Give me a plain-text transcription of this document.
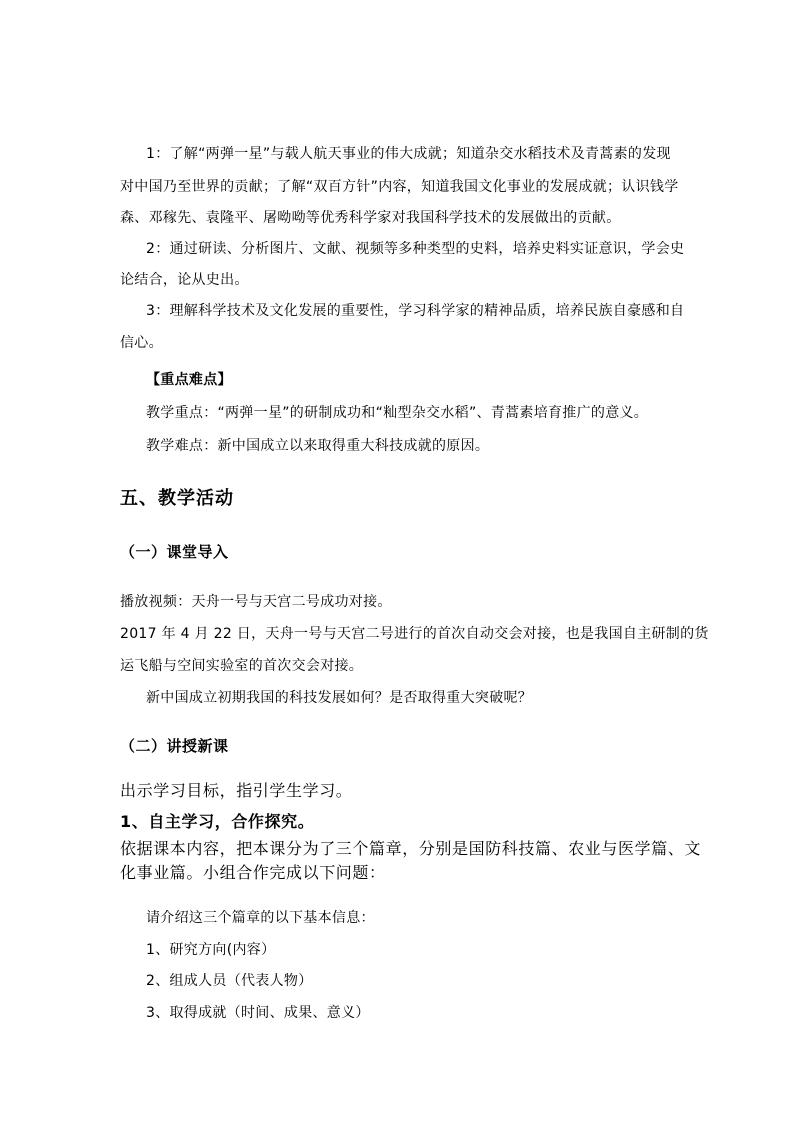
1：了解“两弹一星”与载人航天事业的伟大成就；知道杂交水稻技术及青蒿素的发现
对中国乃至世界的贡献；了解“双百方针”内容，知道我国文化事业的发展成就；认识钱学
森、邓稼先、袁隆平、屠呦呦等优秀科学家对我国科学技术的发展做出的贡献。
2：通过研读、分析图片、文献、视频等多种类型的史料，培养史料实证意识，学会史
论结合，论从史出。
3：理解科学技术及文化发展的重要性，学习科学家的精神品质，培养民族自豪感和自
信心。
【重点难点】
教学重点：“两弹一星”的研制成功和“籼型杂交水稻”、青蒿素培育推广的意义。
教学难点：新中国成立以来取得重大科技成就的原因。
五、教学活动
（一）课堂导入
播放视频：天舟一号与天宫二号成功对接。
2017 年 4 月 22 日，天舟一号与天宫二号进行的首次自动交会对接，也是我国自主研制的货
运飞船与空间实验室的首次交会对接。
新中国成立初期我国的科技发展如何？是否取得重大突破呢？
（二）讲授新课
出示学习目标，指引学生学习。
1、自主学习，合作探究。
依据课本内容，把本课分为了三个篇章，分别是国防科技篇、农业与医学篇、文
化事业篇。小组合作完成以下问题：
请介绍这三个篇章的以下基本信息：
1、研究方向(内容）
2、组成人员（代表人物）
3、取得成就（时间、成果、意义）
